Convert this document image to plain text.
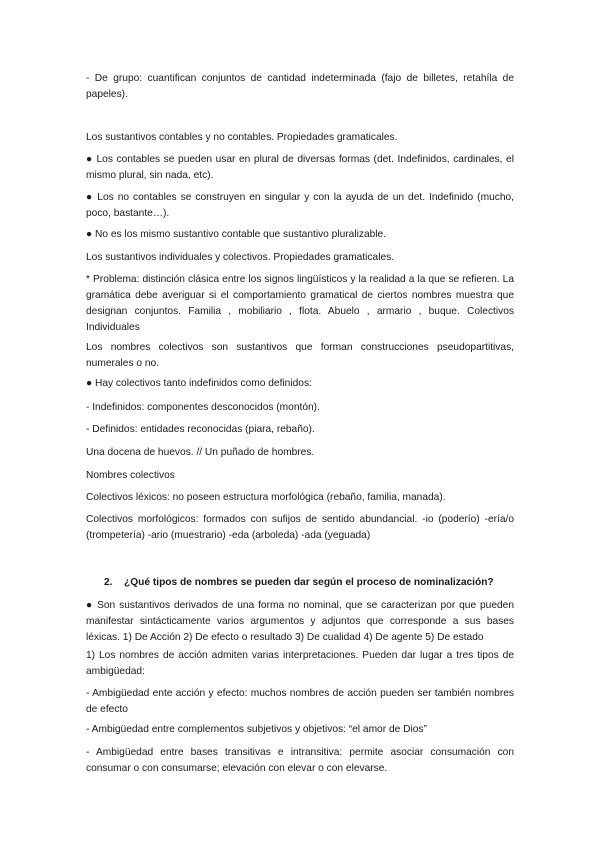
- De grupo: cuantifican conjuntos de cantidad indeterminada (fajo de billetes, retahíla de papeles).

Los sustantivos contables y no contables. Propiedades gramaticales.

● Los contables se pueden usar en plural de diversas formas (det. Indefinidos, cardinales, el mismo plural, sin nada, etc).

● Los no contables se construyen en singular y con la ayuda de un det. Indefinido (mucho, poco, bastante…).

● No es los mismo sustantivo contable que sustantivo pluralizable.

Los sustantivos individuales y colectivos. Propiedades gramaticales.

* Problema: distinción clásica entre los signos lingüísticos y la realidad a la que se refieren. La gramática debe averiguar si el comportamiento gramatical de ciertos nombres muestra que designan conjuntos. Familia , mobiliario , flota. Abuelo , armario , buque. Colectivos Individuales

Los nombres colectivos son sustantivos que forman construcciones pseudopartitivas, numerales o no.

● Hay colectivos tanto indefinidos como definidos:

- Indefinidos: componentes desconocidos (montón).

- Definidos: entidades reconocidas (piara, rebaño).

Una docena de huevos. // Un puñado de hombres.

Nombres colectivos

Colectivos léxicos: no poseen estructura morfológica (rebaño, familia, manada).

Colectivos morfológicos: formados con sufijos de sentido abundancial. -io (poderío) -ería/o (trompetería) -ario (muestrario) -eda (arboleda) -ada (yeguada)

2. ¿Qué tipos de nombres se pueden dar según el proceso de nominalización?

● Son sustantivos derivados de una forma no nominal, que se caracterizan por que pueden manifestar sintácticamente varios argumentos y adjuntos que corresponde a sus bases léxicas. 1) De Acción 2) De efecto o resultado 3) De cualidad 4) De agente 5) De estado

1) Los nombres de acción admiten varias interpretaciones. Pueden dar lugar a tres tipos de ambigüedad:

- Ambigüedad ente acción y efecto: muchos nombres de acción pueden ser también nombres de efecto

- Ambigüedad entre complementos subjetivos y objetivos: “el amor de Dios”

- Ambigüedad entre bases transitivas e intransitiva: permite asociar consumación con consumar o con consumarse; elevación con elevar o con elevarse.
